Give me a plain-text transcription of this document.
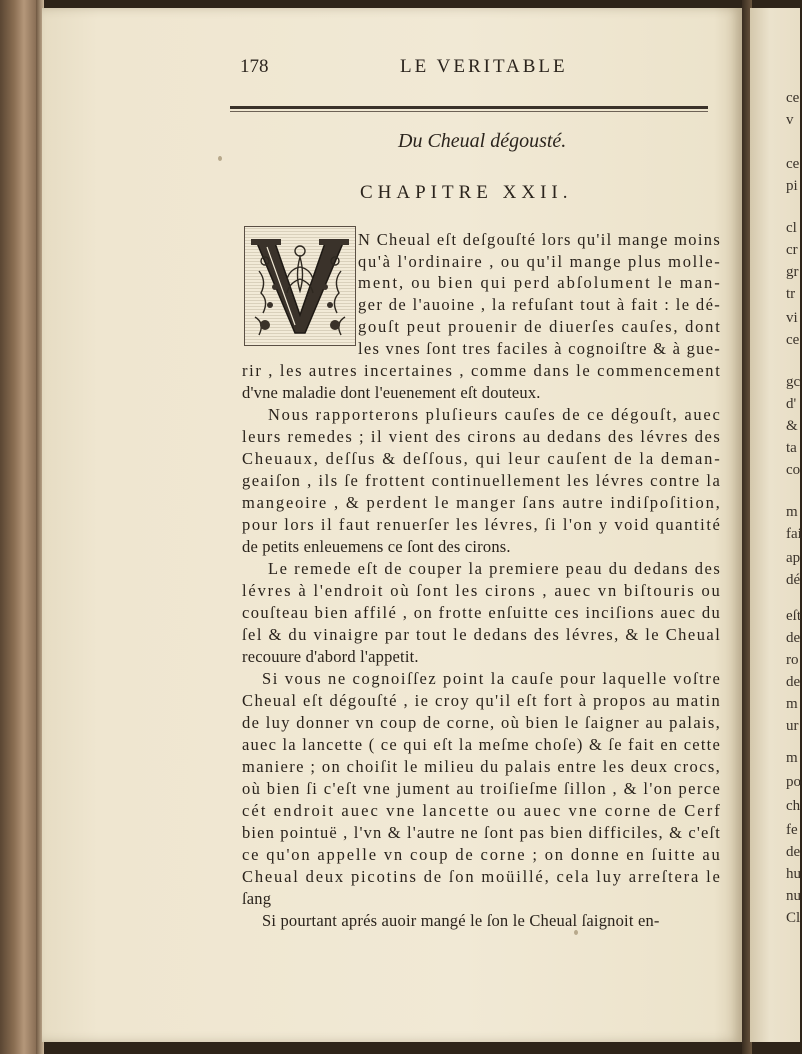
ce
v
ce
pi
cl
cr
gr
tr
vi
ce
gc
d'
&
ta
co
m
fai
ap
dé
eſt
de
ro
de
m
ur
m
po
ch
fe
de
hu
nu
Cl
178	LE VERITABLE
Du Cheual dégousté.
CHAPITRE XXII.
N Cheual eſt deſgouſté lors qu'il mange moins
qu'à l'ordinaire , ou qu'il mange plus molle-
ment, ou bien qui perd abſolument le man-
ger de l'auoine , la refuſant tout à fait : le dé-
gouſt peut prouenir de diuerſes cauſes, dont
les vnes ſont tres faciles à cognoiſtre & à gue-
rir , les autres incertaines , comme dans le commencement
d'vne maladie dont l'euenement eſt douteux.
Nous rapporterons pluſieurs cauſes de ce dégouſt, auec
leurs remedes ; il vient des cirons au dedans des lévres des
Cheuaux, deſſus & deſſous, qui leur cauſent de la deman-
geaiſon , ils ſe frottent continuellement les lévres contre la
mangeoire , & perdent le manger ſans autre indiſpoſition,
pour lors il faut renuerſer les lévres, ſi l'on y void quantité
de petits enleuemens ce ſont des cirons.
Le remede eſt de couper la premiere peau du dedans des
lévres à l'endroit où ſont les cirons , auec vn biſtouris ou
couſteau bien affilé , on frotte enſuitte ces inciſions auec du
ſel & du vinaigre par tout le dedans des lévres, & le Cheual
recouure d'abord l'appetit.
Si vous ne cognoiſſez point la cauſe pour laquelle voſtre
Cheual eſt dégouſté , ie croy qu'il eſt fort à propos au matin
de luy donner vn coup de corne, où bien le ſaigner au palais,
auec la lancette ( ce qui eſt la meſme choſe) & ſe fait en cette
maniere ; on choiſit le milieu du palais entre les deux crocs,
où bien ſi c'eſt vne jument au troiſieſme ſillon , & l'on perce
cét endroit auec vne lancette ou auec vne corne de Cerf
bien pointuë , l'vn & l'autre ne ſont pas bien difficiles, & c'eſt
ce qu'on appelle vn coup de corne ; on donne en ſuitte au
Cheual deux picotins de ſon moüillé, cela luy arreſtera le
ſang
Si pourtant aprés auoir mangé le ſon le Cheual ſaignoit en-
